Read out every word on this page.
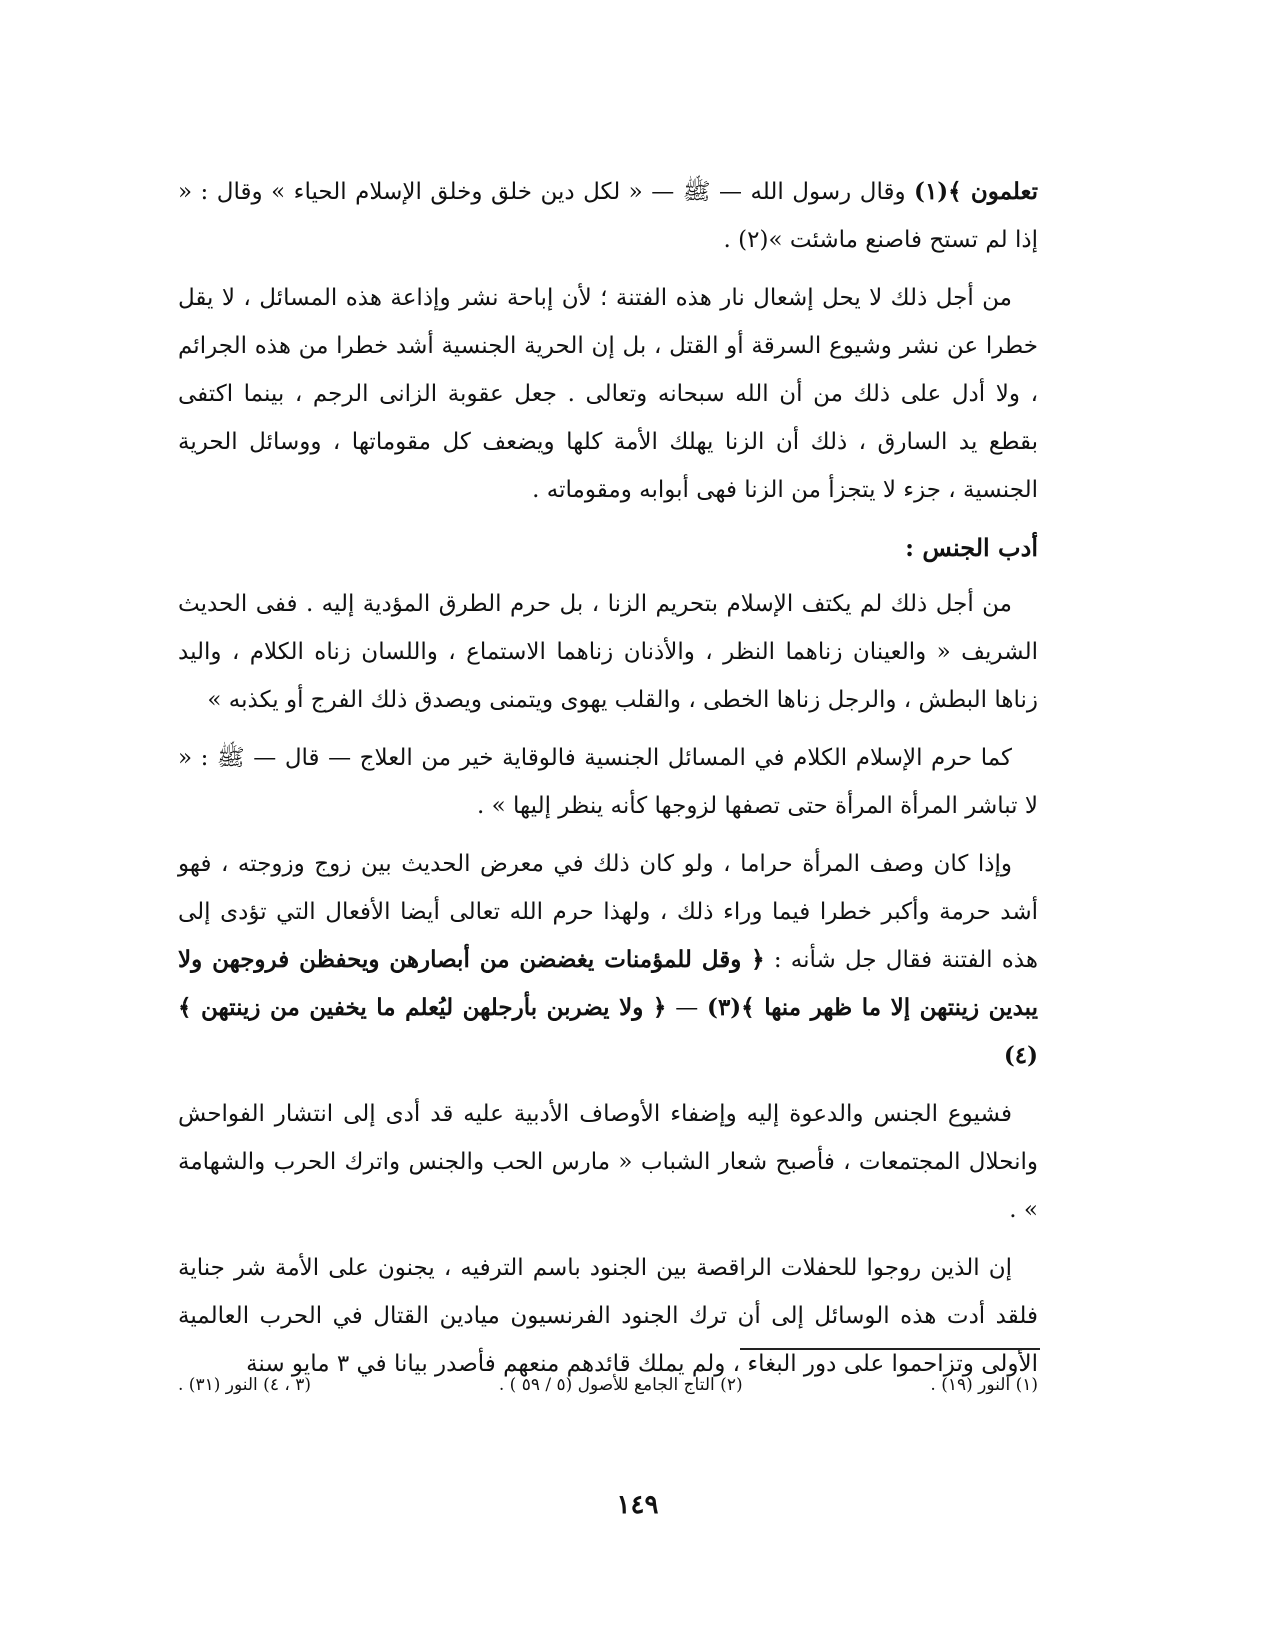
تعلمون ﴾(١) وقال رسول الله — ﷺ — « لكل دين خلق وخلق الإسلام الحياء » وقال : « إذا لم تستح فاصنع ماشئت »(٢) .

من أجل ذلك لا يحل إشعال نار هذه الفتنة ؛ لأن إباحة نشر وإذاعة هذه المسائل ، لا يقل خطرا عن نشر وشيوع السرقة أو القتل ، بل إن الحرية الجنسية أشد خطرا من هذه الجرائم ، ولا أدل على ذلك من أن الله سبحانه وتعالى . جعل عقوبة الزانى الرجم ، بينما اكتفى بقطع يد السارق ، ذلك أن الزنا يهلك الأمة كلها ويضعف كل مقوماتها ، ووسائل الحرية الجنسية ، جزء لا يتجزأ من الزنا فهى أبوابه ومقوماته .

أدب الجنس :

من أجل ذلك لم يكتف الإسلام بتحريم الزنا ، بل حرم الطرق المؤدية إليه . ففى الحديث الشريف « والعينان زناهما النظر ، والأذنان زناهما الاستماع ، واللسان زناه الكلام ، واليد زناها البطش ، والرجل زناها الخطى ، والقلب يهوى ويتمنى ويصدق ذلك الفرج أو يكذبه »

كما حرم الإسلام الكلام في المسائل الجنسية فالوقاية خير من العلاج — قال — ﷺ : « لا تباشر المرأة المرأة حتى تصفها لزوجها كأنه ينظر إليها » .

وإذا كان وصف المرأة حراما ، ولو كان ذلك في معرض الحديث بين زوج وزوجته ، فهو أشد حرمة وأكبر خطرا فيما وراء ذلك ، ولهذا حرم الله تعالى أيضا الأفعال التي تؤدى إلى هذه الفتنة فقال جل شأنه : ﴿ وقل للمؤمنات يغضضن من أبصارهن ويحفظن فروجهن ولا يبدين زينتهن إلا ما ظهر منها ﴾(٣) — ﴿ ولا يضربن بأرجلهن ليُعلم ما يخفين من زينتهن ﴾(٤)

فشيوع الجنس والدعوة إليه وإضفاء الأوصاف الأدبية عليه قد أدى إلى انتشار الفواحش وانحلال المجتمعات ، فأصبح شعار الشباب « مارس الحب والجنس واترك الحرب والشهامة » .

إن الذين روجوا للحفلات الراقصة بين الجنود باسم الترفيه ، يجنون على الأمة شر جناية فلقد أدت هذه الوسائل إلى أن ترك الجنود الفرنسيون ميادين القتال في الحرب العالمية الأولى وتزاحموا على دور البغاء ، ولم يملك قائدهم منعهم فأصدر بيانا في ٣ مايو سنة

(١) النور (١٩) .
(٢) التاج الجامع للأصول (٥ / ٥٩ ) .
(٣ ، ٤) النور (٣١) .
١٤٩
